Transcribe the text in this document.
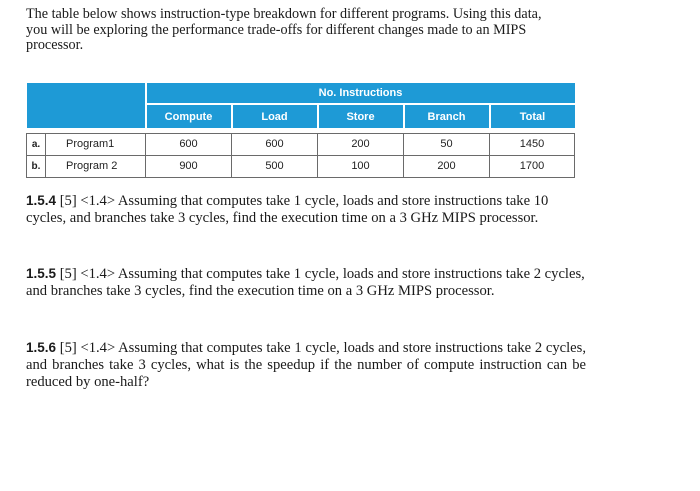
The table below shows instruction-type breakdown for different programs. Using this data, you will be exploring the performance trade-offs for different changes made to an MIPS processor.

		No. Instructions				
		Compute	Load	Store	Branch	Total

a.	Program1	600	600	200	50	1450
b.	Program 2	900	500	100	200	1700

1.5.4 [5] <1.4> Assuming that computes take 1 cycle, loads and store instructions take 10 cycles, and branches take 3 cycles, find the execution time on a 3 GHz MIPS processor.

1.5.5 [5] <1.4> Assuming that computes take 1 cycle, loads and store instructions take 2 cycles, and branches take 3 cycles, find the execution time on a 3 GHz MIPS processor.

1.5.6 [5] <1.4> Assuming that computes take 1 cycle, loads and store instructions take 2 cycles, and branches take 3 cycles, what is the speedup if the number of compute instruction can be reduced by one-half?
